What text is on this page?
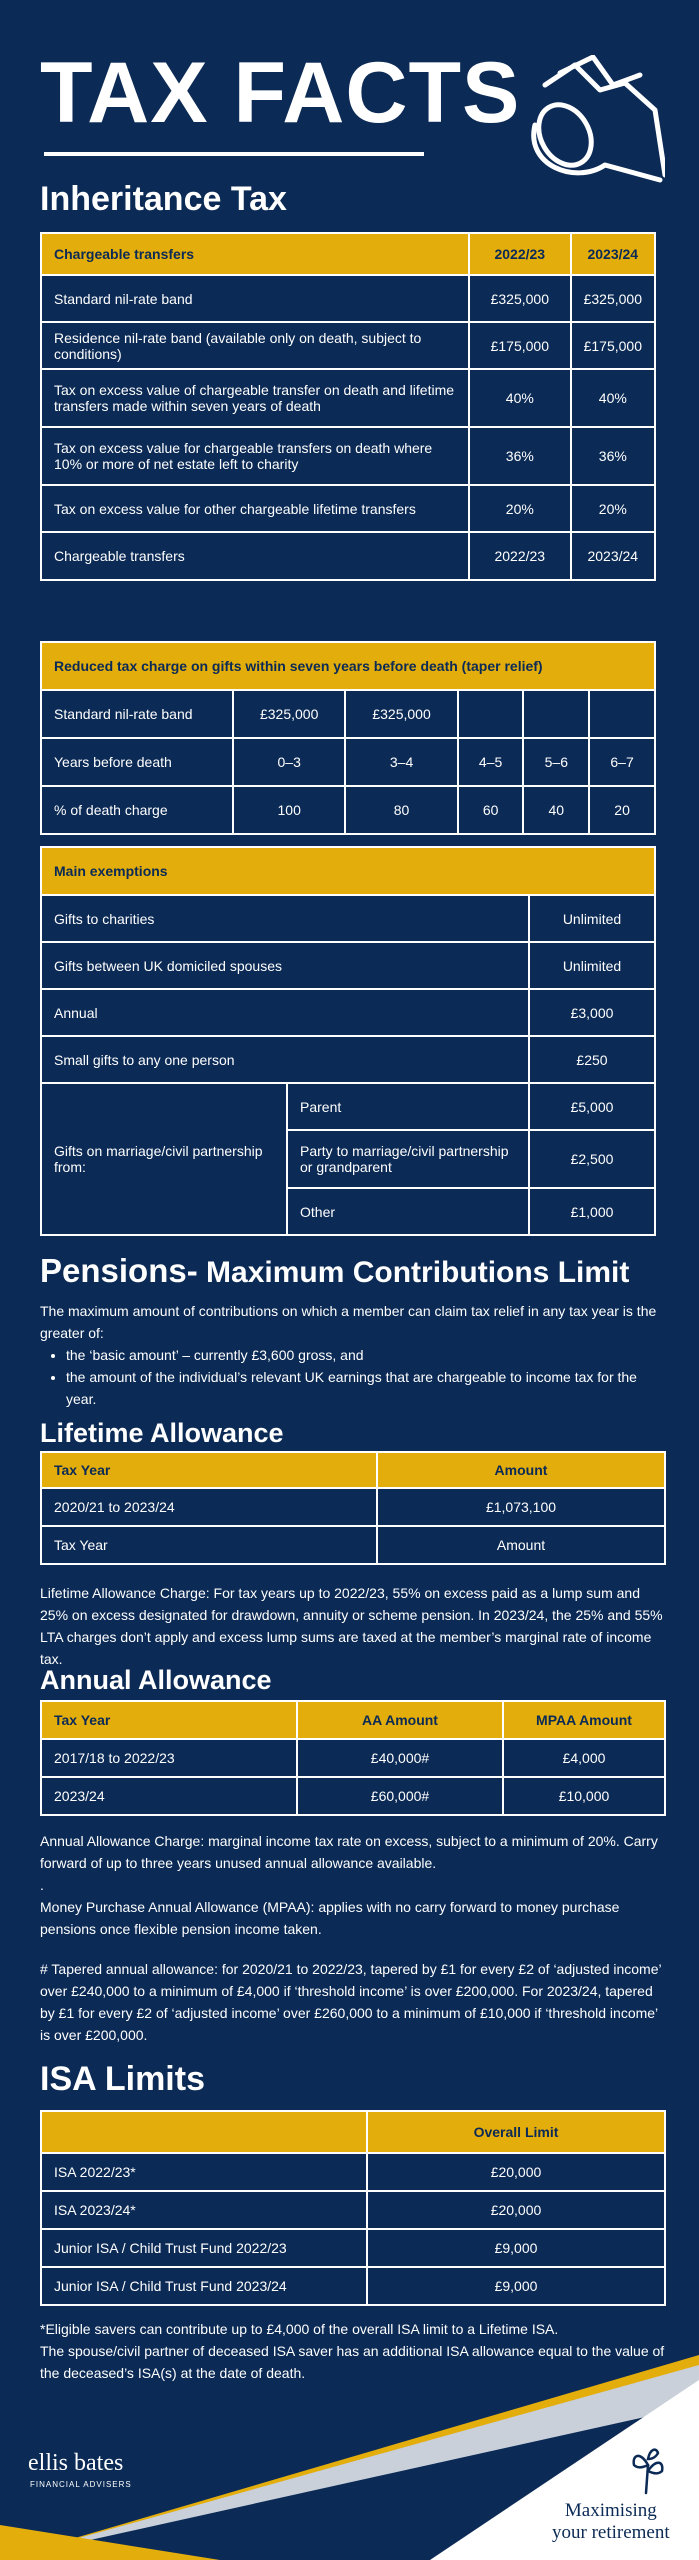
TAX FACTS
Inheritance Tax
Chargeable transfers	2022/23	2023/24
Standard nil-rate band	£325,000	£325,000
Residence nil-rate band (available only on death, subject to conditions)	£175,000	£175,000
Tax on excess value of chargeable transfer on death and lifetime transfers made within seven years of death	40%	40%
Tax on excess value for chargeable transfers on death where 10% or more of net estate left to charity	36%	36%
Tax on excess value for other chargeable lifetime transfers	20%	20%
Chargeable transfers	2022/23	2023/24
Reduced tax charge on gifts within seven years before death (taper relief)					
Standard nil-rate band	£325,000	£325,000			
Years before death	0–3	3–4	4–5	5–6	6–7
% of death charge	100	80	60	40	20
Main exemptions		
Gifts to charities		Unlimited
Gifts between UK domiciled spouses		Unlimited
Annual		£3,000
Small gifts to any one person		£250
Gifts on marriage/civil partnership from:	Parent	£5,000
	Party to marriage/civil partnership or grandparent	£2,500
	Other	£1,000
Pensions- Maximum Contributions Limit
The maximum amount of contributions on which a member can claim tax relief in any tax year is the greater of:
• the ‘basic amount’ – currently £3,600 gross, and
• the amount of the individual’s relevant UK earnings that are chargeable to income tax for the year.
Lifetime Allowance
Tax Year	Amount
2020/21 to 2023/24	£1,073,100
Tax Year	Amount
Lifetime Allowance Charge: For tax years up to 2022/23, 55% on excess paid as a lump sum and 25% on excess designated for drawdown, annuity or scheme pension. In 2023/24, the 25% and 55% LTA charges don’t apply and excess lump sums are taxed at the member’s marginal rate of income tax.
Annual Allowance
Tax Year	AA Amount	MPAA Amount
2017/18 to 2022/23	£40,000#	£4,000
2023/24	£60,000#	£10,000
Annual Allowance Charge: marginal income tax rate on excess, subject to a minimum of 20%. Carry forward of up to three years unused annual allowance available.
.
Money Purchase Annual Allowance (MPAA): applies with no carry forward to money purchase pensions once flexible pension income taken.
# Tapered annual allowance: for 2020/21 to 2022/23, tapered by £1 for every £2 of ‘adjusted income’ over £240,000 to a minimum of £4,000 if ‘threshold income’ is over £200,000. For 2023/24, tapered by £1 for every £2 of ‘adjusted income’ over £260,000 to a minimum of £10,000 if ‘threshold income’ is over £200,000.
ISA Limits
	Overall Limit
ISA 2022/23*	£20,000
ISA 2023/24*	£20,000
Junior ISA / Child Trust Fund 2022/23	£9,000
Junior ISA / Child Trust Fund 2023/24	£9,000
*Eligible savers can contribute up to £4,000 of the overall ISA limit to a Lifetime ISA.
The spouse/civil partner of deceased ISA saver has an additional ISA allowance equal to the value of the deceased’s ISA(s) at the date of death.
ellis bates
FINANCIAL ADVISERS
Maximising
your retirement
